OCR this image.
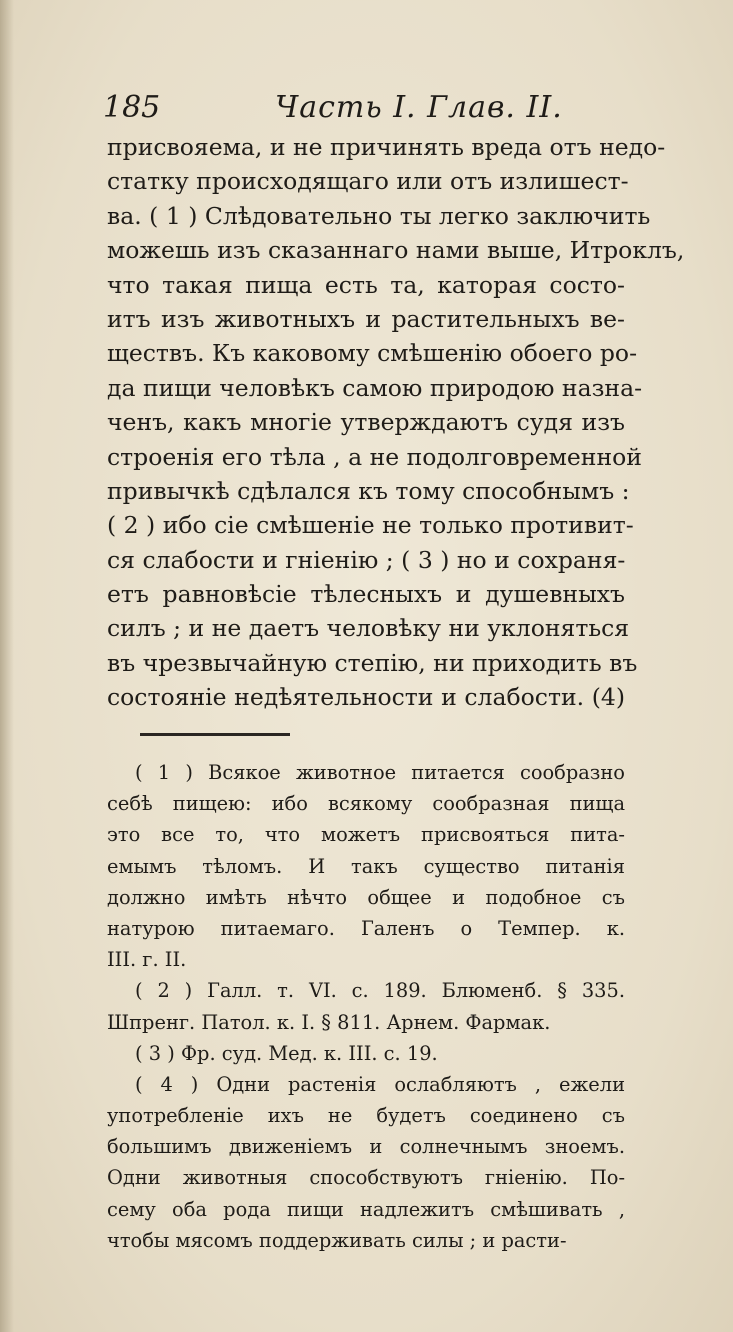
185	Часть I. Глав. II.
присвояема, и не причинять вреда отъ недо-
статку происходящаго или отъ излишест-
ва. ( 1 ) Слѣдовательно ты легко заключить
можешь изъ сказаннаго нами выше, Итроклъ,
что такая пища есть та, каторая состо-
итъ изъ животныхъ и растительныхъ ве-
ществъ. Къ каковому смѣшенію обоего ро-
да пищи человѣкъ самою природою назна-
ченъ, какъ многіе утверждаютъ судя изъ
строенія его тѣла , а не подолговременной
привычкѣ сдѣлался къ тому способнымъ :
( 2 ) ибо сіе смѣшеніе не только противит-
ся слабости и гніенію ; ( 3 ) но и сохраня-
етъ равновѣсіе тѣлесныхъ и душевныхъ
силъ ; и не даетъ человѣку ни уклоняться
въ чрезвычайную степію, ни приходить въ
состояніе недѣятельности и слабости. (4)
( 1 ) Всякое животное питается сообразно
себѣ пищею: ибо всякому сообразная пища
это все то, что можетъ присвояться пита-
емымъ тѣломъ. И такъ существо питанія
должно имѣть нѣчто общее и подобное съ
натурою питаемаго. Галенъ о Темпер. к.
III. г. II.
( 2 ) Галл. т. VI. с. 189. Блюменб. § 335.
Шпренг. Патол. к. I. § 811. Арнем. Фармак.
( 3 ) Фр. суд. Мед. к. III. с. 19.
( 4 ) Одни растенія ослабляютъ , ежели
употребленіе ихъ не будетъ соединено съ
большимъ движеніемъ и солнечнымъ зноемъ.
Одни животныя способствуютъ гніенію. По-
сему оба рода пищи надлежитъ смѣшивать ,
чтобы мясомъ поддерживать силы ; и расти-
